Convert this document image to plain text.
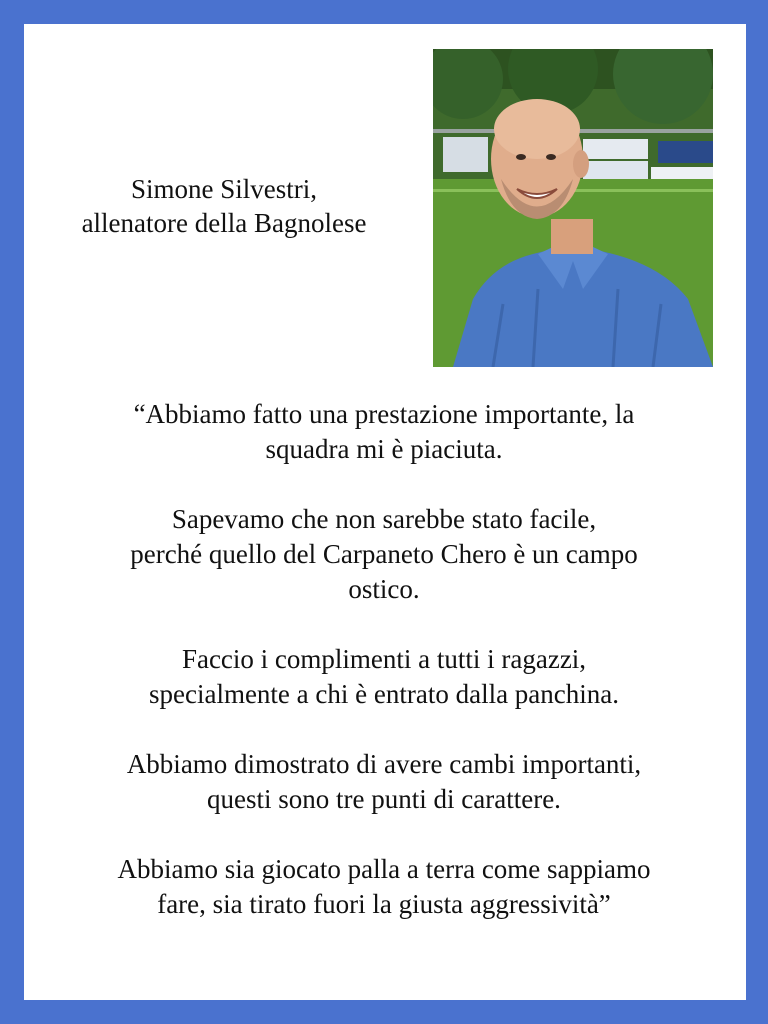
Simone Silvestri,
allenatore della Bagnolese

“Abbiamo fatto una prestazione importante, la
squadra mi è piaciuta.

Sapevamo che non sarebbe stato facile,
perché quello del Carpaneto Chero è un campo
ostico.

Faccio i complimenti a tutti i ragazzi,
specialmente a chi è entrato dalla panchina.

Abbiamo dimostrato di avere cambi importanti,
questi sono tre punti di carattere.

Abbiamo sia giocato palla a terra come sappiamo
fare, sia tirato fuori la giusta aggressività”
